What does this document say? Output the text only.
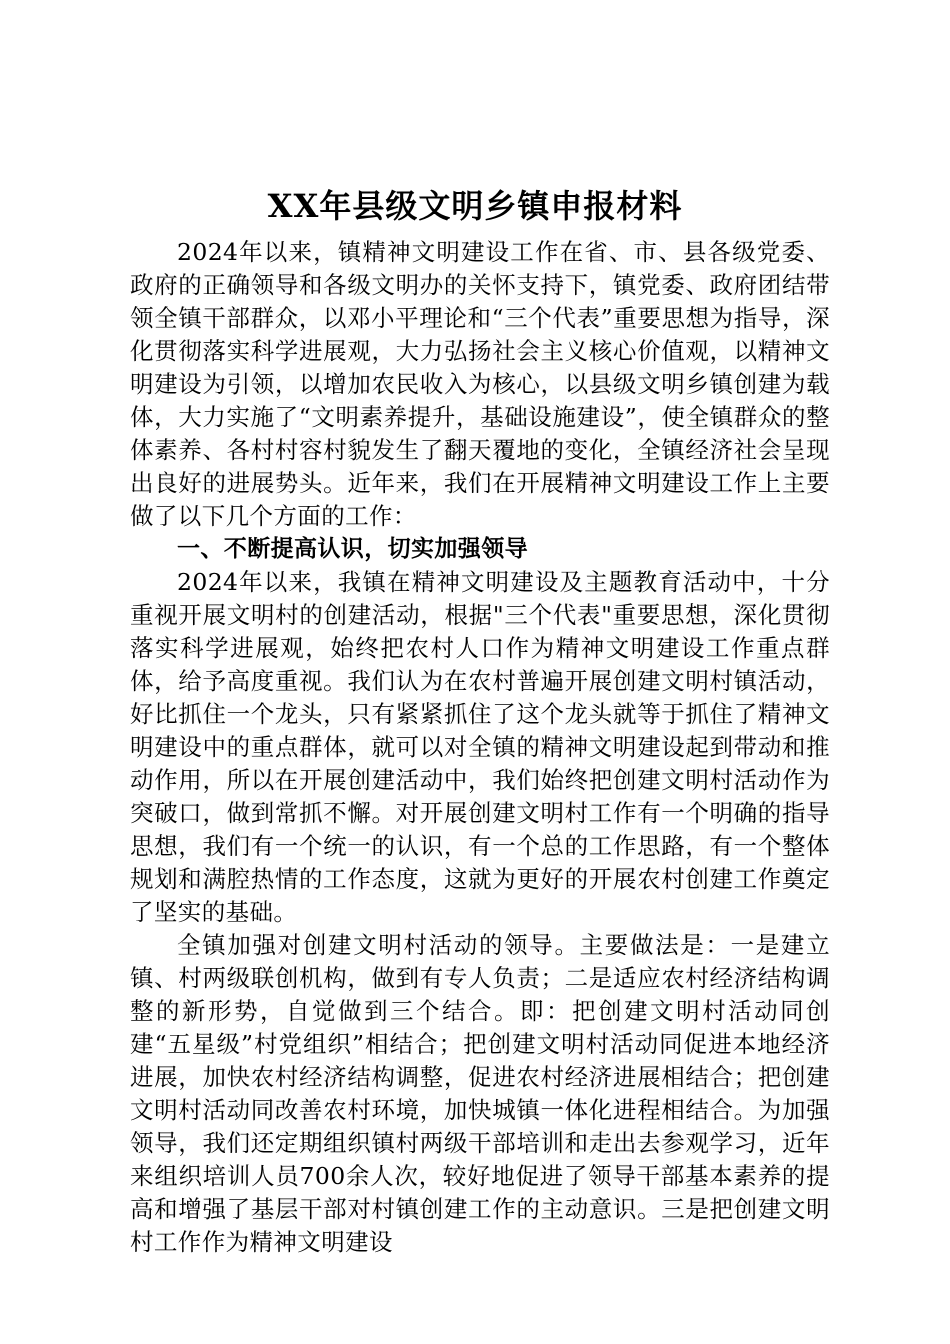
XX年县级文明乡镇申报材料

2024年以来，镇精神文明建设工作在省、市、县各级党委、政府的正确领导和各级文明办的关怀支持下，镇党委、政府团结带领全镇干部群众，以邓小平理论和“三个代表”重要思想为指导，深化贯彻落实科学进展观，大力弘扬社会主义核心价值观，以精神文明建设为引领，以增加农民收入为核心，以县级文明乡镇创建为载体，大力实施了“文明素养提升，基础设施建设”，使全镇群众的整体素养、各村村容村貌发生了翻天覆地的变化，全镇经济社会呈现出良好的进展势头。近年来，我们在开展精神文明建设工作上主要做了以下几个方面的工作：

一、不断提高认识，切实加强领导

2024年以来，我镇在精神文明建设及主题教育活动中，十分重视开展文明村的创建活动，根据"三个代表"重要思想，深化贯彻落实科学进展观，始终把农村人口作为精神文明建设工作重点群体，给予高度重视。我们认为在农村普遍开展创建文明村镇活动，好比抓住一个龙头，只有紧紧抓住了这个龙头就等于抓住了精神文明建设中的重点群体，就可以对全镇的精神文明建设起到带动和推动作用，所以在开展创建活动中，我们始终把创建文明村活动作为突破口，做到常抓不懈。对开展创建文明村工作有一个明确的指导思想，我们有一个统一的认识，有一个总的工作思路，有一个整体规划和满腔热情的工作态度，这就为更好的开展农村创建工作奠定了坚实的基础。

全镇加强对创建文明村活动的领导。主要做法是：一是建立镇、村两级联创机构，做到有专人负责；二是适应农村经济结构调整的新形势，自觉做到三个结合。即：把创建文明村活动同创建“五星级”村党组织”相结合；把创建文明村活动同促进本地经济进展，加快农村经济结构调整，促进农村经济进展相结合；把创建文明村活动同改善农村环境，加快城镇一体化进程相结合。为加强领导，我们还定期组织镇村两级干部培训和走出去参观学习，近年来组织培训人员700余人次，较好地促进了领导干部基本素养的提高和增强了基层干部对村镇创建工作的主动意识。三是把创建文明村工作作为精神文明建设
